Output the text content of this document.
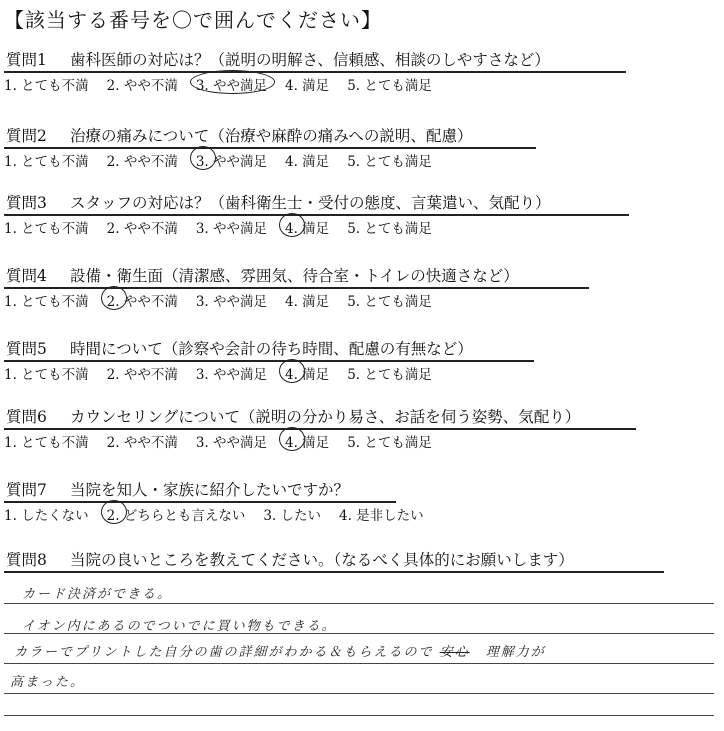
【該当する番号を〇で囲んでください】
質問1 歯科医師の対応は？（説明の明解さ、信頼感、相談のしやすさなど）
1. とても不満 2. やや不満 3. やや満足 4. 満足 5. とても満足
質問2 治療の痛みについて（治療や麻酔の痛みへの説明、配慮）
1. とても不満 2. やや不満 3. やや満足 4. 満足 5. とても満足
質問3 スタッフの対応は？（歯科衛生士・受付の態度、言葉遣い、気配り）
1. とても不満 2. やや不満 3. やや満足 4. 満足 5. とても満足
質問4 設備・衛生面（清潔感、雰囲気、待合室・トイレの快適さなど）
1. とても不満 2. やや不満 3. やや満足 4. 満足 5. とても満足
質問5 時間について（診察や会計の待ち時間、配慮の有無など）
1. とても不満 2. やや不満 3. やや満足 4. 満足 5. とても満足
質問6 カウンセリングについて（説明の分かり易さ、お話を伺う姿勢、気配り）
1. とても不満 2. やや不満 3. やや満足 4. 満足 5. とても満足
質問7 当院を知人・家族に紹介したいですか？
1. したくない 2. どちらとも言えない 3. したい 4. 是非したい
質問8 当院の良いところを教えてください。（なるべく具体的にお願いします）
カード決済ができる。
イオン内にあるのでついでに買い物もできる。
カラーでプリントした自分の歯の詳細がわかる＆もらえるので 安心 理解力が
高まった。
